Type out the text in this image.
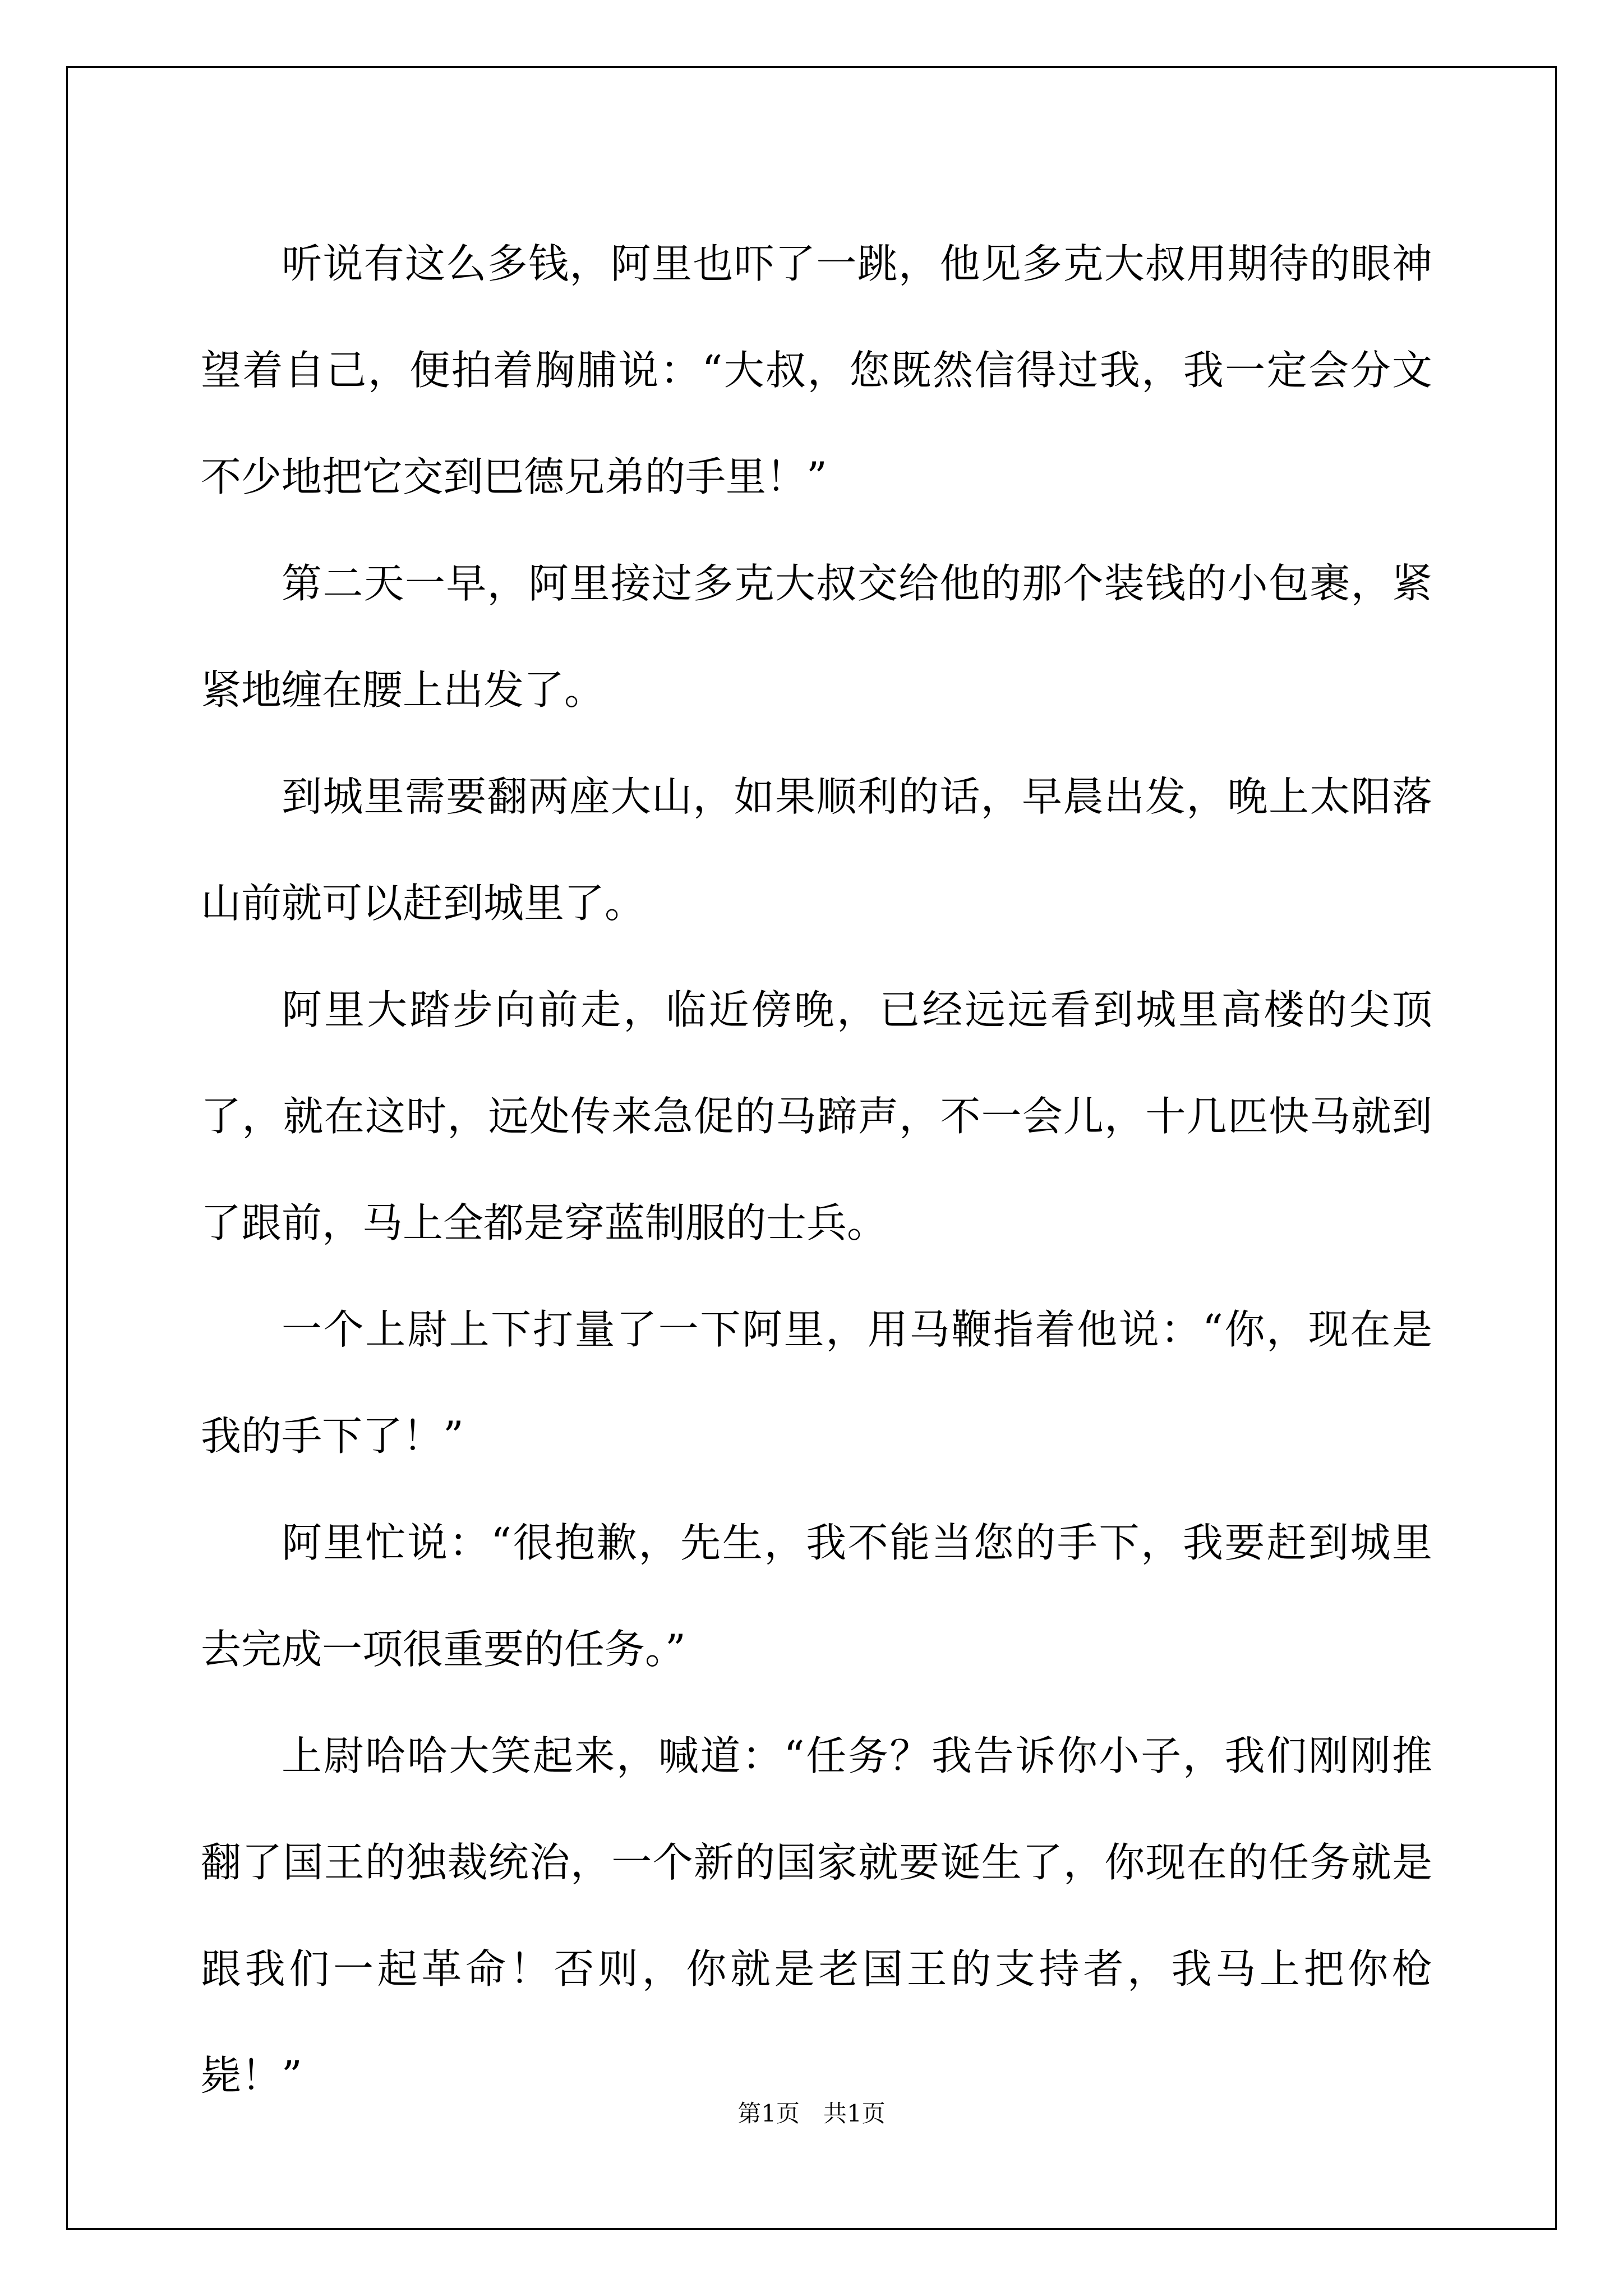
听说有这么多钱，阿里也吓了一跳，他见多克大叔用期待的眼神望着自己，便拍着胸脯说：“大叔，您既然信得过我，我一定会分文不少地把它交到巴德兄弟的手里！”

第二天一早，阿里接过多克大叔交给他的那个装钱的小包裹，紧紧地缠在腰上出发了。

到城里需要翻两座大山，如果顺利的话，早晨出发，晚上太阳落山前就可以赶到城里了。

阿里大踏步向前走，临近傍晚，已经远远看到城里高楼的尖顶了，就在这时，远处传来急促的马蹄声，不一会儿，十几匹快马就到了跟前，马上全都是穿蓝制服的士兵。

一个上尉上下打量了一下阿里，用马鞭指着他说：“你，现在是我的手下了！”

阿里忙说：“很抱歉，先生，我不能当您的手下，我要赶到城里去完成一项很重要的任务。”

上尉哈哈大笑起来，喊道：“任务？我告诉你小子，我们刚刚推翻了国王的独裁统治，一个新的国家就要诞生了，你现在的任务就是跟我们一起革命！否则，你就是老国王的支持者，我马上把你枪毙！”

第1页　共1页
